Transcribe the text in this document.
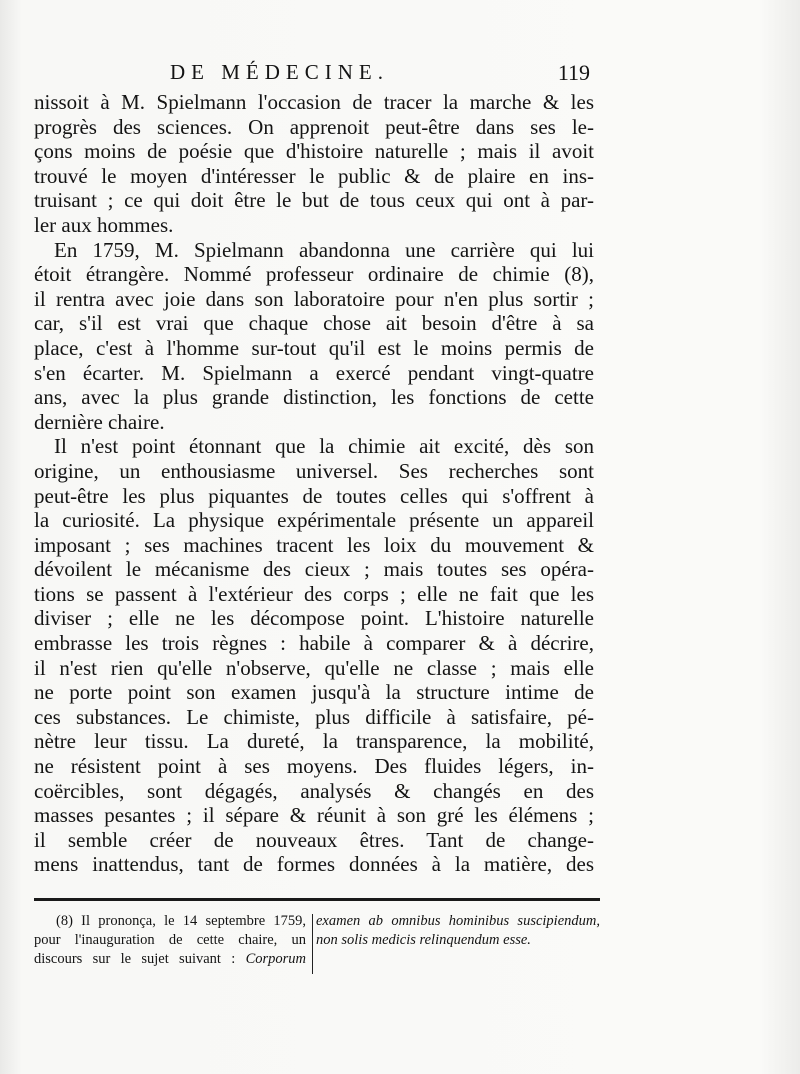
DE MÉDECINE.	119
nissoit à M. Spielmann l'occasion de tracer la marche & les
progrès des sciences. On apprenoit peut-être dans ses le-
çons moins de poésie que d'histoire naturelle ; mais il avoit
trouvé le moyen d'intéresser le public & de plaire en ins-
truisant ; ce qui doit être le but de tous ceux qui ont à par-
ler aux hommes.
En 1759, M. Spielmann abandonna une carrière qui lui
étoit étrangère. Nommé professeur ordinaire de chimie (8),
il rentra avec joie dans son laboratoire pour n'en plus sortir ;
car, s'il est vrai que chaque chose ait besoin d'être à sa
place, c'est à l'homme sur-tout qu'il est le moins permis de
s'en écarter. M. Spielmann a exercé pendant vingt-quatre
ans, avec la plus grande distinction, les fonctions de cette
dernière chaire.
Il n'est point étonnant que la chimie ait excité, dès son
origine, un enthousiasme universel. Ses recherches sont
peut-être les plus piquantes de toutes celles qui s'offrent à
la curiosité. La physique expérimentale présente un appareil
imposant ; ses machines tracent les loix du mouvement &
dévoilent le mécanisme des cieux ; mais toutes ses opéra-
tions se passent à l'extérieur des corps ; elle ne fait que les
diviser ; elle ne les décompose point. L'histoire naturelle
embrasse les trois règnes : habile à comparer & à décrire,
il n'est rien qu'elle n'observe, qu'elle ne classe ; mais elle
ne porte point son examen jusqu'à la structure intime de
ces substances. Le chimiste, plus difficile à satisfaire, pé-
nètre leur tissu. La dureté, la transparence, la mobilité,
ne résistent point à ses moyens. Des fluides légers, in-
coërcibles, sont dégagés, analysés & changés en des
masses pesantes ; il sépare & réunit à son gré les élémens ;
il semble créer de nouveaux êtres. Tant de change-
mens inattendus, tant de formes données à la matière, des
(8) Il prononça, le 14 septembre 1759,
pour l'inauguration de cette chaire, un
discours sur le sujet suivant : Corporum
examen ab omnibus hominibus suscipiendum,
non solis medicis relinquendum esse.
